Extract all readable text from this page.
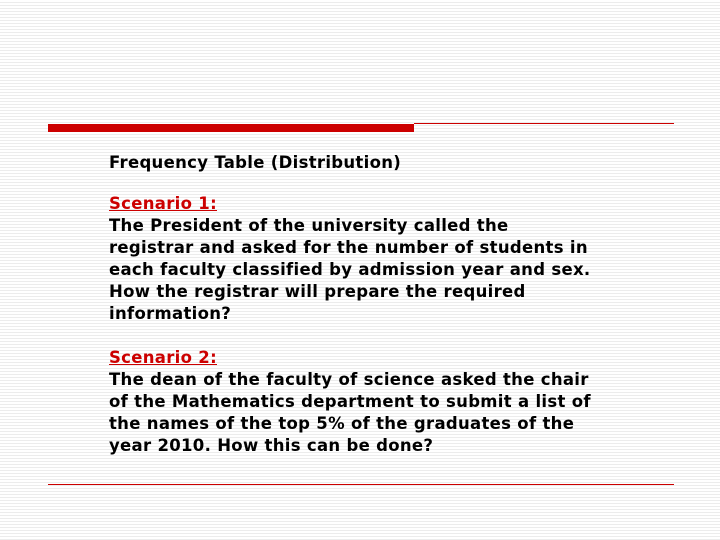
Frequency Table (Distribution)
Scenario 1:
The President of the university called the
registrar and asked for the number of students in
each faculty classified by admission year and sex.
How the registrar will prepare the required
information?
Scenario 2:
The dean of the faculty of science asked the chair
of the Mathematics department to submit a list of
the names of the top 5% of the graduates of the
year 2010. How this can be done?
